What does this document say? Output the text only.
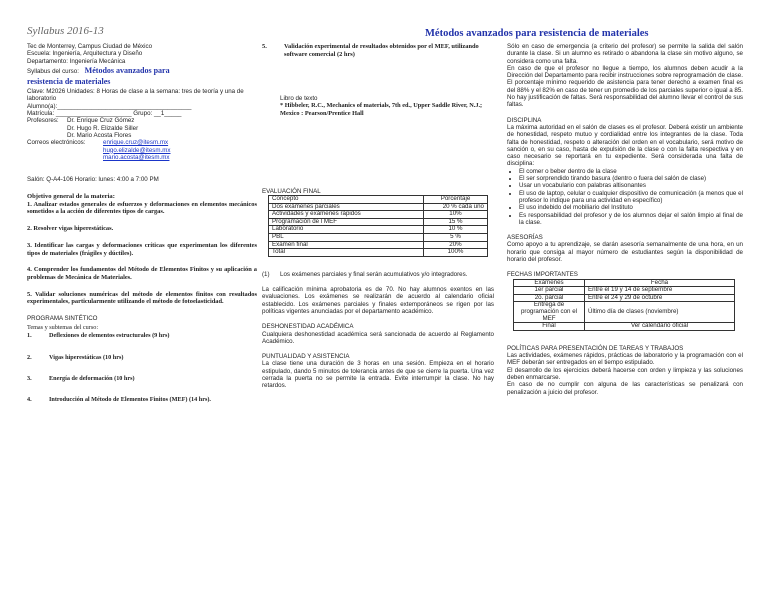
Syllabus 2016-13	Métodos avanzados para resistencia de materiales
Tec de Monterrey, Campus Ciudad de México
Escuela: Ingeniería, Arquitectura y Diseño
Departamento: Ingeniería Mecánica
Syllabus del curso: Métodos avanzados para
resistencia de materiales
Clave: M2026 Unidades: 8 Horas de clase a la semana: tres de teoría y una de laboratorio
Alumno(a):_______________________________________
Matrícula: ______________________ Grupo: __1_____
Profesores:	Dr. Enrique Cruz Gómez
Dr. Hugo R. Elizalde Siller
Dr. Mario Acosta Flores
Correos electrónicos:	enrique.cruz@itesm.mx
hugo.elizalde@itesm.mx
mario.acosta@itesm.mx
Salón: Q-A4-106 Horario: lunes: 4:00 a 7:00 PM
Objetivo general de la materia:
1. Analizar estados generales de esfuerzos y deformaciones en elementos mecánicos sometidos a la acción de diferentes tipos de cargas.
2. Resolver vigas hiperestáticas.
3. Identificar las cargas y deformaciones críticas que experimentan los diferentes tipos de materiales (frágiles y dúctiles).
4. Comprender los fundamentos del Método de Elementos Finitos y su aplicación a problemas de Mecánica de Materiales.
5. Validar soluciones numéricas del método de elementos finitos con resultados experimentales, particularmente utilizando el método de fotoelasticidad.
PROGRAMA SINTÉTICO
Temas y subtemas del curso:
1.	Deflexiones de elementos estructurales (9 hrs)
2.	Vigas hiperestáticas (10 hrs)
3.	Energía de deformación (10 hrs)
4.	Introducción al Método de Elementos Finitos (MEF) (14 hrs).
5.	Validación experimental de resultados obtenidos por el MEF, utilizando software comercial (2 hrs)
Libro de texto
* Hibbeler, R.C., Mechanics of materials, 7th ed., Upper Saddle River, N.J.; Mexico : Pearson/Prentice Hall
EVALUACIÓN FINAL
Concepto	Porcentaje
Dos exámenes parciales	20 % cada uno
Actividades y exámenes rápidos	10%
Programación de l MEF	15 %
Laboratorio	10 %
PBL	5 %
Examen final	20%
Total	100%
(1)	Los exámenes parciales y final serán acumulativos y/o integradores.
La calificación mínima aprobatoria es de 70. No hay alumnos exentos en las evaluaciones. Los exámenes se realizarán de acuerdo al calendario oficial establecido. Los exámenes parciales y finales extemporáneos se rigen por las políticas vigentes anunciadas por el departamento académico.
DESHONESTIDAD ACADÉMICA
Cualquiera deshonestidad académica será sancionada de acuerdo al Reglamento Académico.
PUNTUALIDAD Y ASISTENCIA
La clase tiene una duración de 3 horas en una sesión. Empieza en el horario estipulado, dando 5 minutos de tolerancia antes de que se cierre la puerta. Una vez cerrada la puerta no se permite la entrada. Evite interrumpir la clase. No hay retardos.
Sólo en caso de emergencia (a criterio del profesor) se permite la salida del salón durante la clase. Si un alumno es retirado o abandona la clase sin motivo alguno, se considera como una falta.
En caso de que el profesor no llegue a tiempo, los alumnos deben acudir a la Dirección del Departamento para recibir instrucciones sobre reprogramación de clase.
El porcentaje mínimo requerido de asistencia para tener derecho a examen final es del 88% y el 82% en caso de tener un promedio de los parciales superior o igual a 85. No hay justificación de faltas. Será responsabilidad del alumno llevar el control de sus faltas.
DISCIPLINA
La máxima autoridad en el salón de clases es el profesor. Deberá existir un ambiente de honestidad, respeto mutuo y cordialidad entre los integrantes de la clase. Toda falta de honestidad, respeto o alteración del orden en el vocabulario, será motivo de sanción o, en su caso, hasta de expulsión de la clase o con la falta respectiva y en caso necesario se reportará en tu expediente. Será considerada una falta de disciplina:
• El comer o beber dentro de la clase
• El ser sorprendido tirando basura (dentro o fuera del salón de clase)
• Usar un vocabulario con palabras altisonantes
• El uso de laptop, celular o cualquier dispositivo de comunicación (a menos que el profesor lo indique para una actividad en específico)
• El uso indebido del mobiliario del Instituto
• Es responsabilidad del profesor y de los alumnos dejar el salón limpio al final de la clase.
ASESORÍAS
Como apoyo a tu aprendizaje, se darán asesoría semanalmente de una hora, en un horario que consiga al mayor número de estudiantes según la disponibilidad de horario del profesor.
FECHAS IMPORTANTES
Exámenes	Fecha
1er parcial	Entre el 19 y 14 de septiembre
2o. parcial	Entre el 24 y 29 de octubre
Entrega de programación con el MEF	Último día de clases (noviembre)
Final	Ver calendario oficial
POLÍTICAS PARA PRESENTACIÓN DE TAREAS Y TRABAJOS
Las actividades, exámenes rápidos, prácticas de laboratorio y la programación con el MEF deberán ser entregados en el tiempo estipulado.
El desarrollo de los ejercicios deberá hacerse con orden y limpieza y las soluciones deben enmarcarse.
En caso de no cumplir con alguna de las características se penalizará con penalización a juicio del profesor.
